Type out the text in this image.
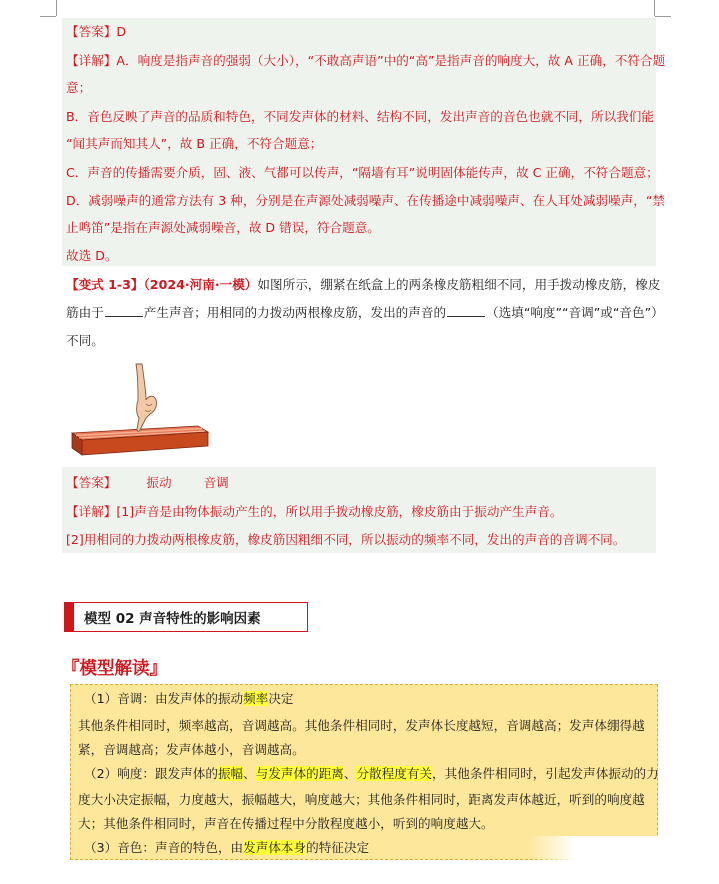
【答案】D
【详解】A．响度是指声音的强弱（大小），“不敢高声语”中的“高”是指声音的响度大，故 A 正确，不符合题
意；
B．音色反映了声音的品质和特色，不同发声体的材料、结构不同，发出声音的音色也就不同，所以我们能
“闻其声而知其人”，故 B 正确，不符合题意；
C．声音的传播需要介质，固、液、气都可以传声，“隔墙有耳”说明固体能传声，故 C 正确，不符合题意；
D．减弱噪声的通常方法有 3 种，分别是在声源处减弱噪声、在传播途中减弱噪声、在人耳处减弱噪声，“禁
止鸣笛”是指在声源处减弱噪音，故 D 错误，符合题意。
故选 D。
【变式 1-3】（2024·河南·一模）如图所示，绷紧在纸盒上的两条橡皮筋粗细不同，用手拨动橡皮筋，橡皮
筋由于	产生声音；用相同的力拨动两根橡皮筋，发出的声音的	（选填“响度”“音调”或“音色”）
不同。
【答案】 振动	音调
【详解】[1]声音是由物体振动产生的，所以用手拨动橡皮筋，橡皮筋由于振动产生声音。
[2]用相同的力拨动两根橡皮筋，橡皮筋因粗细不同，所以振动的频率不同，发出的声音的音调不同。
模型 02 声音特性的影响因素
『模型解读』
（1）音调：由发声体的振动频率决定
其他条件相同时，频率越高，音调越高。其他条件相同时，发声体长度越短，音调越高；发声体绷得越
紧，音调越高；发声体越小，音调越高。
（2）响度：跟发声体的振幅、与发声体的距离、分散程度有关，其他条件相同时，引起发声体振动的力
度大小决定振幅，力度越大，振幅越大，响度越大；其他条件相同时，距离发声体越近，听到的响度越
大；其他条件相同时，声音在传播过程中分散程度越小，听到的响度越大。
（3）音色：声音的特色，由发声体本身的特征决定
